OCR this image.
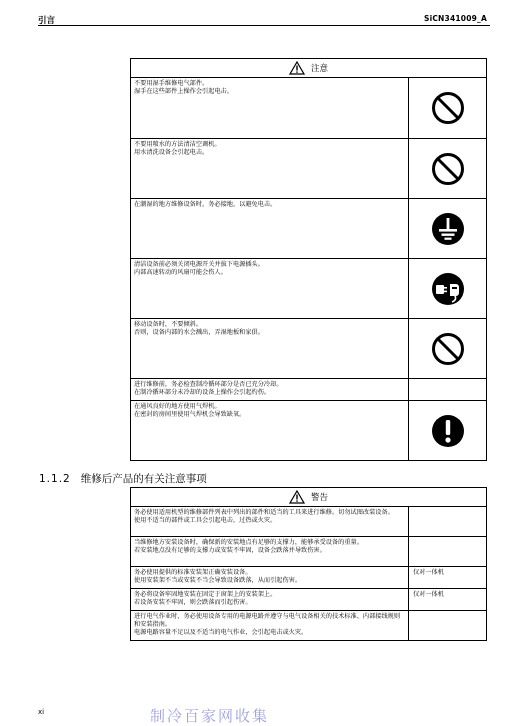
引言	SiCN341009_A
注意	
不要用湿手维修电气部件。
湿手在这些部件上操作会引起电击。	

不要用喷水的方法清洁空调机。
用水清洗设备会引起电击。	

在潮湿的地方维修设备时，务必接地，以避免电击。	

清洁设备前必须关闭电源开关并拔下电源插头。
内部高速转动的风扇可能会伤人。	

移动设备时，不要倾斜。
否则，设备内部的水会溅出，弄湿地板和家俱。	

进行维修前，务必检查制冷循环部分是否已充分冷却。
在制冷循环部分未冷却的设备上操作会引起灼伤。	
在通风良好的地方使用气焊机。
在密封的房间里使用气焊机会导致缺氧。	
1.1.2 维修后产品的有关注意事项
警告	
务必使用适用机型的维修部件列表中列出的部件和适当的工具来进行维修。切勿试图改装设备。
使用不适当的部件或工具会引起电击，过热或火灾。	
当维修地方安装设备时，确保新的安装地点有足够的支撑力，能够承受设备的重量。
若安装地点没有足够的支撑力或安装不牢固，设备会跌落并导致伤害。	
务必使用提供的标准安装架正确安装设备。
使用安装架不当或安装不当会导致设备跌落，从而引起伤害。	仅对一体机
务必将设备牢固地安装在固定于窗架上的安装架上。
若设备安装不牢固，则会跌落而引起伤害。	仅对一体机
进行电气作业时，务必使用设备专用的电源电路并遵守与电气设备相关的技术标准、内部接线规则和安装指南。
电源电路容量不足以及不适当的电气作业，会引起电击或火灾。	
xi	制冷百家网收集
